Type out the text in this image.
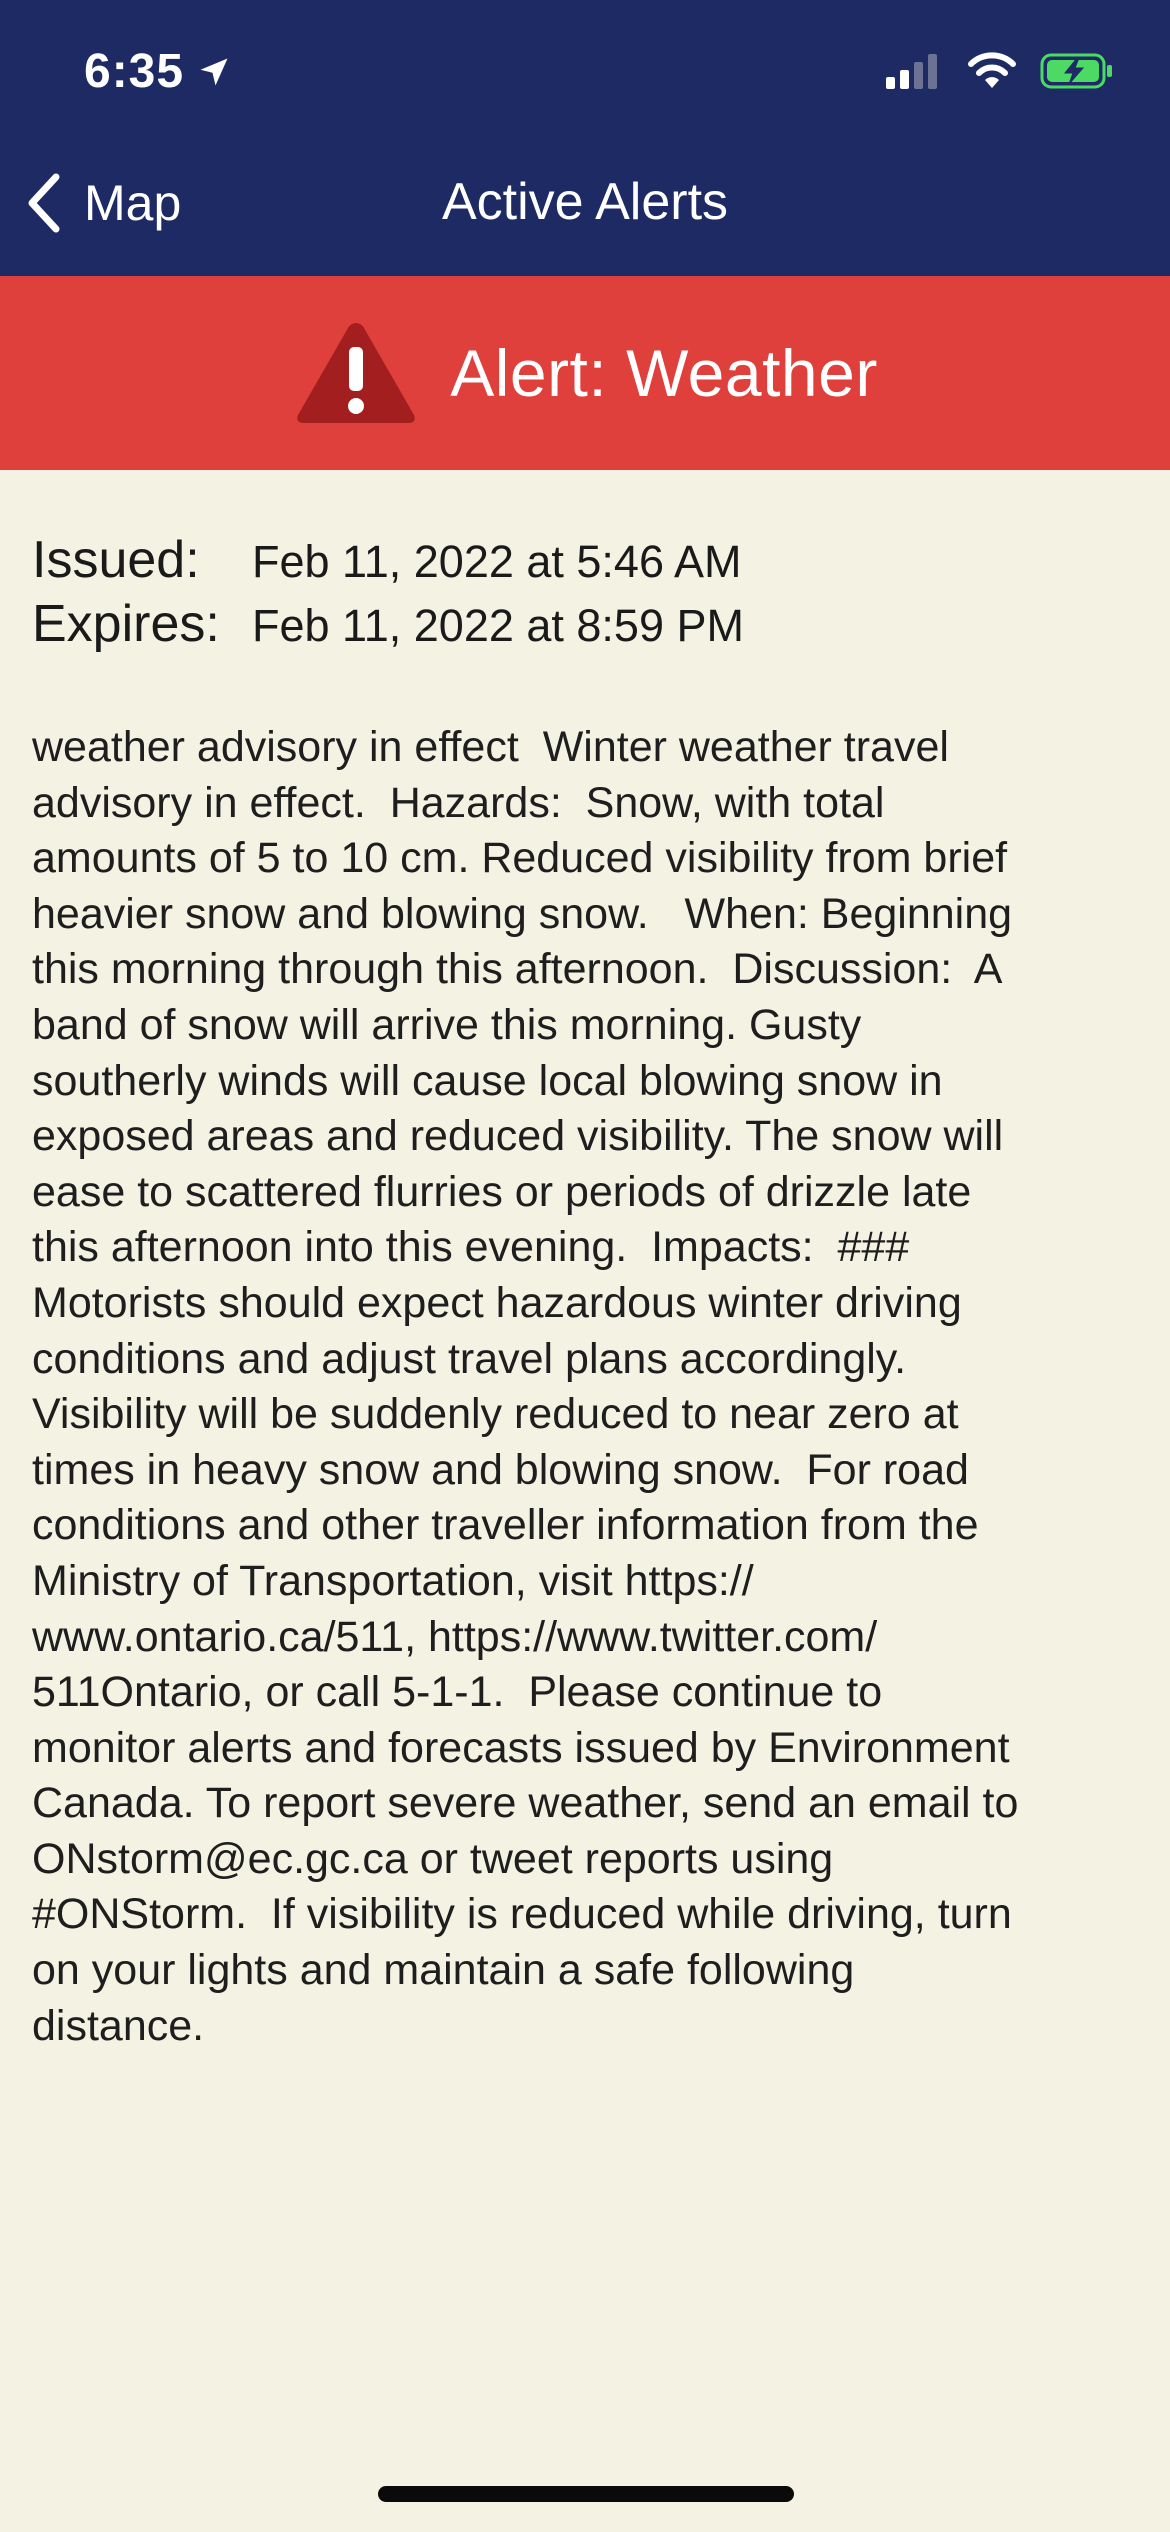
6:35
Map	Active Alerts
Alert: Weather
Issued:	Feb 11, 2022 at 5:46 AM
Expires: Feb 11, 2022 at 8:59 PM
weather advisory in effect  Winter weather travel
advisory in effect.  Hazards:  Snow, with total
amounts of 5 to 10 cm. Reduced visibility from brief
heavier snow and blowing snow.   When: Beginning
this morning through this afternoon.  Discussion:  A
band of snow will arrive this morning. Gusty
southerly winds will cause local blowing snow in
exposed areas and reduced visibility. The snow will
ease to scattered flurries or periods of drizzle late
this afternoon into this evening.  Impacts:  ###
Motorists should expect hazardous winter driving
conditions and adjust travel plans accordingly.
Visibility will be suddenly reduced to near zero at
times in heavy snow and blowing snow.  For road
conditions and other traveller information from the
Ministry of Transportation, visit https://
www.ontario.ca/511, https://www.twitter.com/
511Ontario, or call 5-1-1.  Please continue to
monitor alerts and forecasts issued by Environment
Canada. To report severe weather, send an email to
ONstorm@ec.gc.ca or tweet reports using
#ONStorm.  If visibility is reduced while driving, turn
on your lights and maintain a safe following
distance.
